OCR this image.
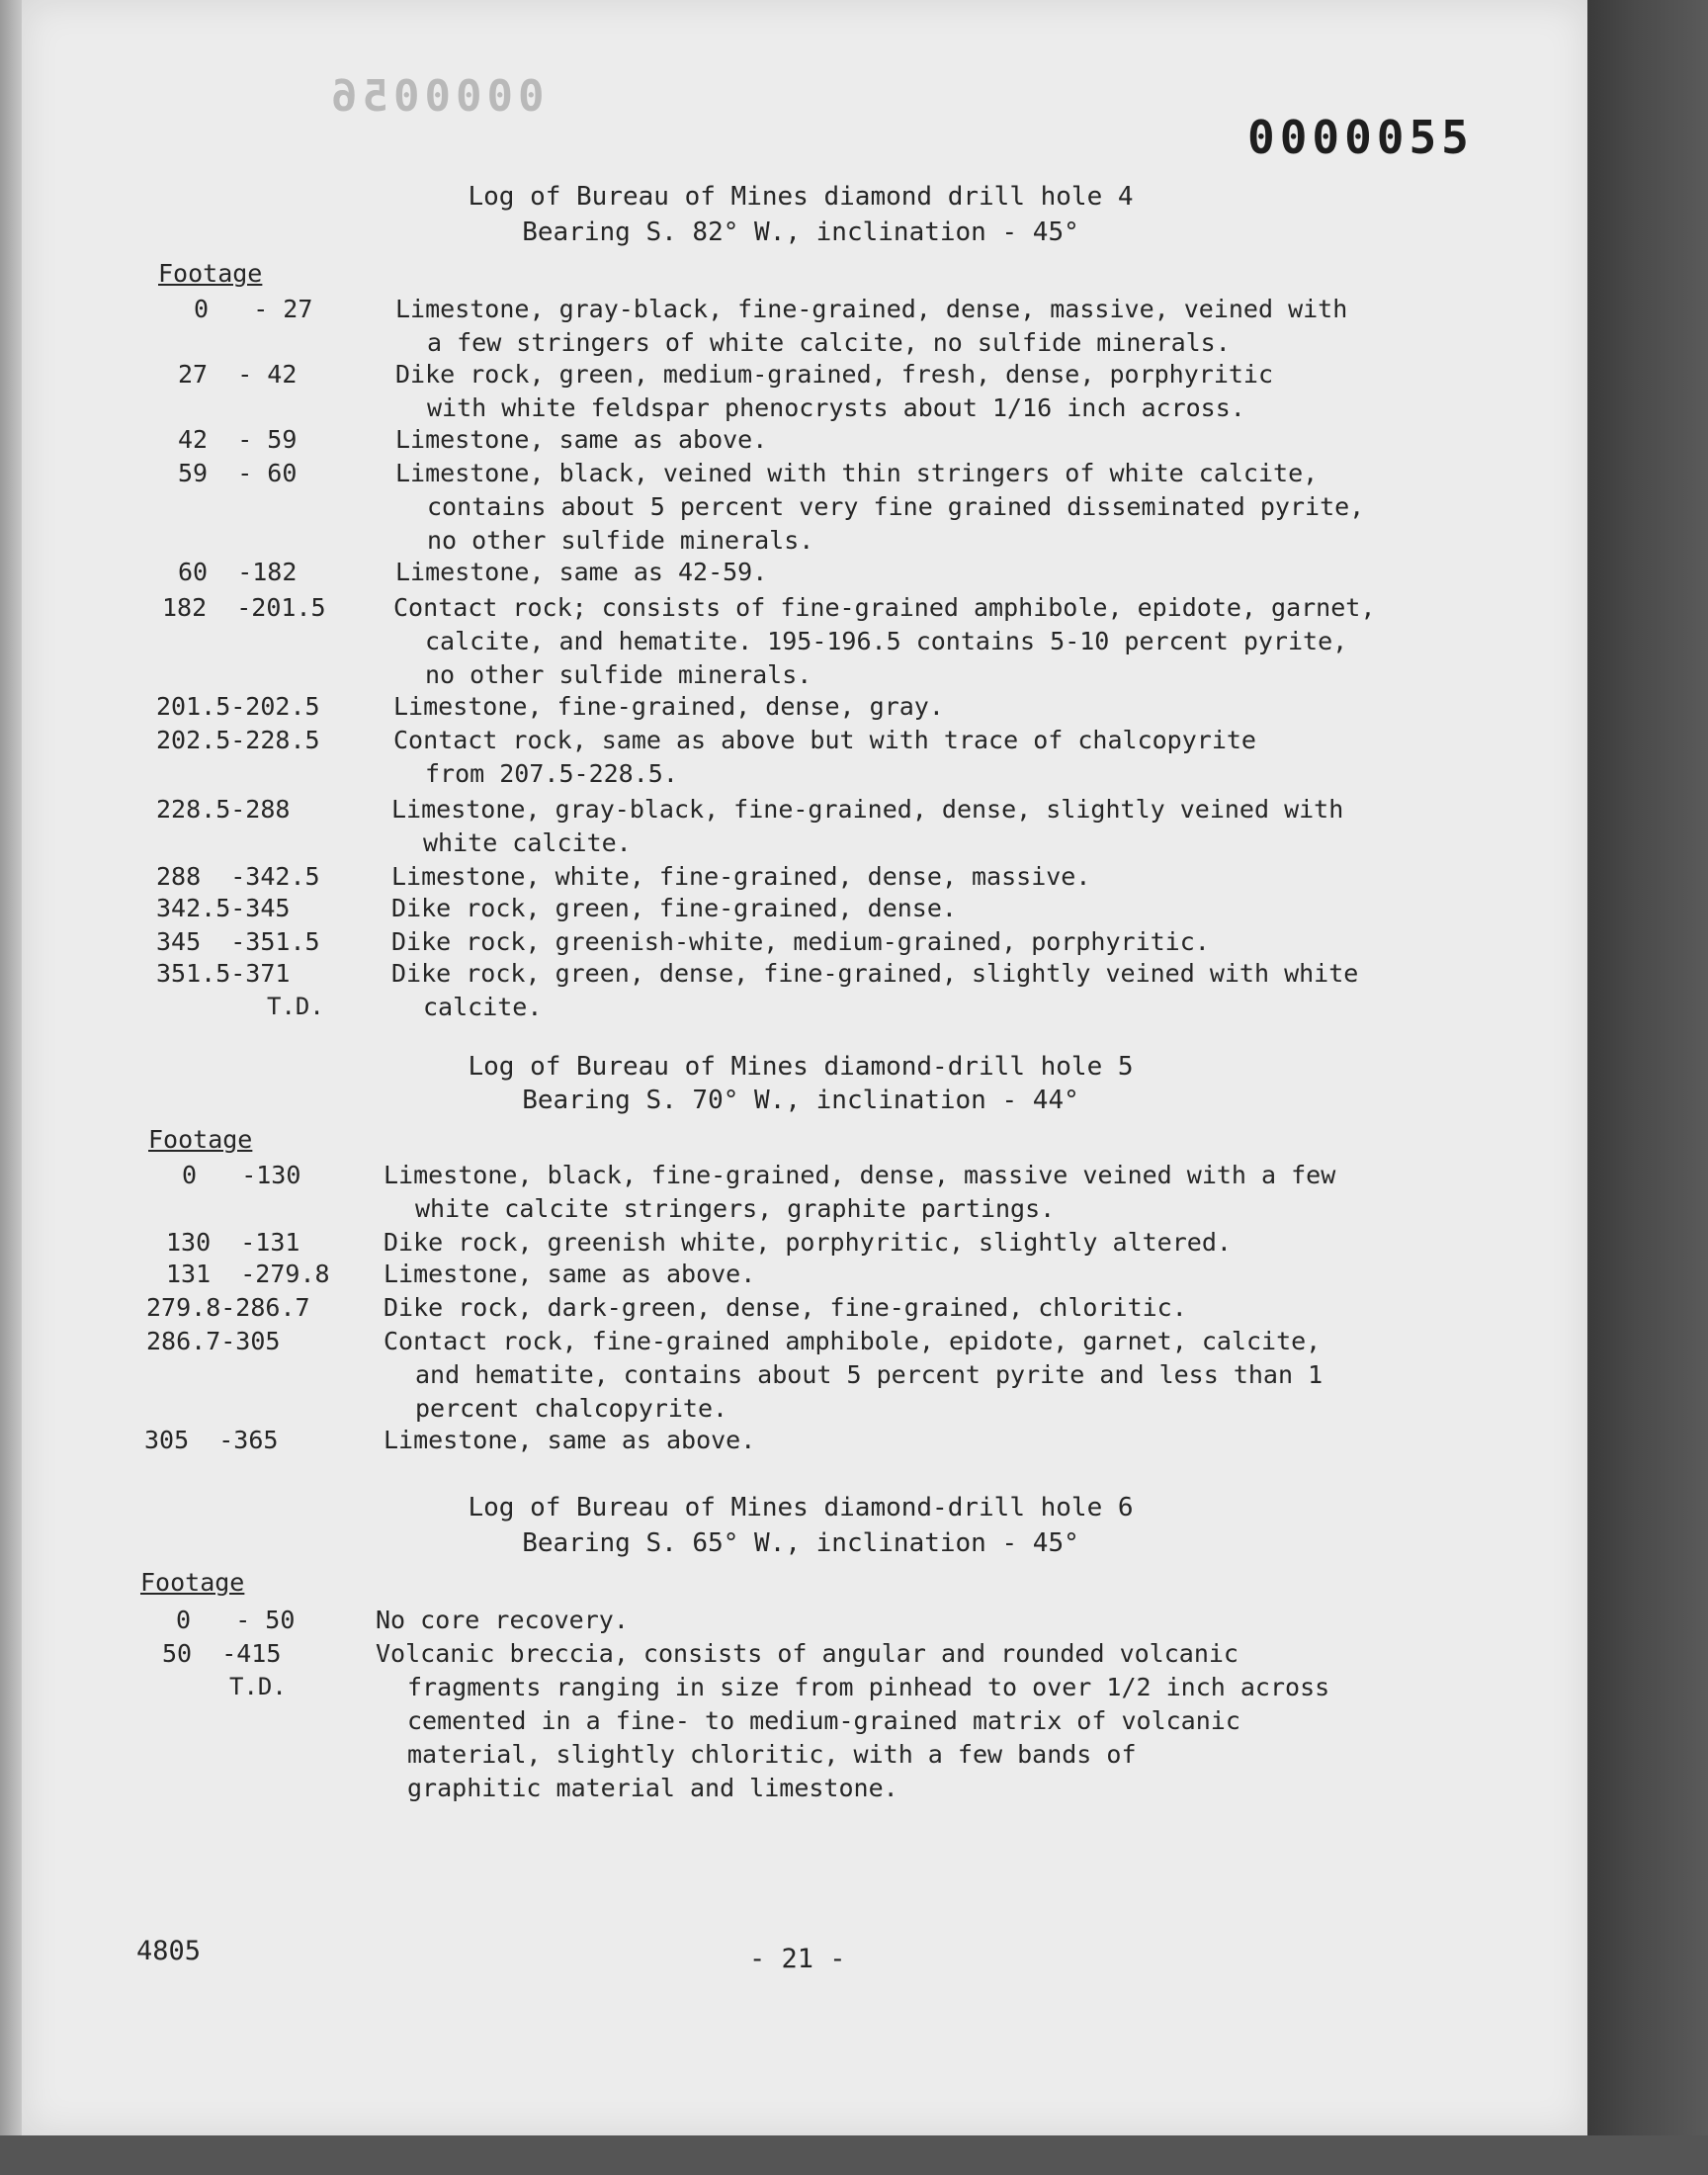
0000056
0000055
Log of Bureau of Mines diamond drill hole 4
Bearing S. 82° W., inclination - 45°
Footage
0   - 27	Limestone, gray-black, fine-grained, dense, massive, veined with
a few stringers of white calcite, no sulfide minerals.
27  - 42	Dike rock, green, medium-grained, fresh, dense, porphyritic
with white feldspar phenocrysts about 1/16 inch across.
42  - 59	Limestone, same as above.
59  - 60	Limestone, black, veined with thin stringers of white calcite,
contains about 5 percent very fine grained disseminated pyrite,
no other sulfide minerals.
60  -182	Limestone, same as 42-59.
182  -201.5	Contact rock; consists of fine-grained amphibole, epidote, garnet,
calcite, and hematite. 195-196.5 contains 5-10 percent pyrite,
no other sulfide minerals.
201.5-202.5	Limestone, fine-grained, dense, gray.
202.5-228.5	Contact rock, same as above but with trace of chalcopyrite
from 207.5-228.5.
228.5-288	Limestone, gray-black, fine-grained, dense, slightly veined with
white calcite.
288  -342.5	Limestone, white, fine-grained, dense, massive.
342.5-345	Dike rock, green, fine-grained, dense.
345  -351.5	Dike rock, greenish-white, medium-grained, porphyritic.
351.5-371	Dike rock, green, dense, fine-grained, slightly veined with white
calcite.
T.D.
Log of Bureau of Mines diamond-drill hole 5
Bearing S. 70° W., inclination - 44°
Footage
0   -130	Limestone, black, fine-grained, dense, massive veined with a few
white calcite stringers, graphite partings.
130  -131	Dike rock, greenish white, porphyritic, slightly altered.
131  -279.8 Limestone, same as above.
279.8-286.7	Dike rock, dark-green, dense, fine-grained, chloritic.
286.7-305	Contact rock, fine-grained amphibole, epidote, garnet, calcite,
and hematite, contains about 5 percent pyrite and less than 1
percent chalcopyrite.
305  -365	Limestone, same as above.
Log of Bureau of Mines diamond-drill hole 6
Bearing S. 65° W., inclination - 45°
Footage
0   - 50	No core recovery.
50  -415	Volcanic breccia, consists of angular and rounded volcanic
fragments ranging in size from pinhead to over 1/2 inch across
cemented in a fine- to medium-grained matrix of volcanic
material, slightly chloritic, with a few bands of
graphitic material and limestone.
T.D.
4805	- 21 -
